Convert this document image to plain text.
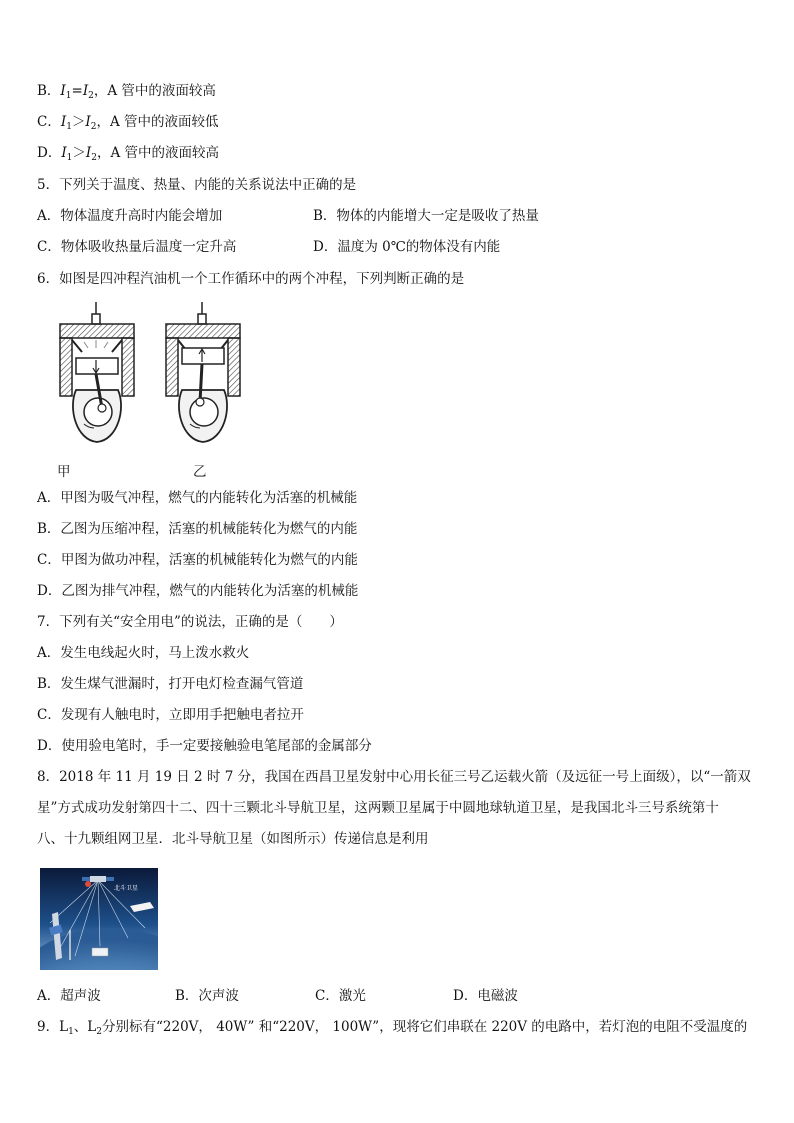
B．$I_1=I_2$，A 管中的液面较高
C．$I_1>I_2$，A 管中的液面较低
D．$I_1>I_2$，A 管中的液面较高
5．下列关于温度、热量、内能的关系说法中正确的是
A．物体温度升高时内能会增加	B．物体的内能增大一定是吸收了热量
C．物体吸收热量后温度一定升高	D．温度为 0℃的物体没有内能
6．如图是四冲程汽油机一个工作循环中的两个冲程，下列判断正确的是
甲	乙
A．甲图为吸气冲程，燃气的内能转化为活塞的机械能
B．乙图为压缩冲程，活塞的机械能转化为燃气的内能
C．甲图为做功冲程，活塞的机械能转化为燃气的内能
D．乙图为排气冲程，燃气的内能转化为活塞的机械能
7．下列有关“安全用电”的说法，正确的是（　　）
A．发生电线起火时，马上泼水救火
B．发生煤气泄漏时，打开电灯检查漏气管道
C．发现有人触电时，立即用手把触电者拉开
D．使用验电笔时，手一定要接触验电笔尾部的金属部分
8．2018 年 11 月 19 日 2 时 7 分，我国在西昌卫星发射中心用长征三号乙运载火箭（及远征一号上面级），以“一箭双
星”方式成功发射第四十二、四十三颗北斗导航卫星，这两颗卫星属于中圆地球轨道卫星，是我国北斗三号系统第十
八、十九颗组网卫星．北斗导航卫星（如图所示）传递信息是利用
北斗卫星
A．超声波	B．次声波	C．激光	D．电磁波
9．$L_1$、$L_2$分别标有“220V， 40W” 和“220V， 100W”，现将它们串联在 220V 的电路中，若灯泡的电阻不受温度的
